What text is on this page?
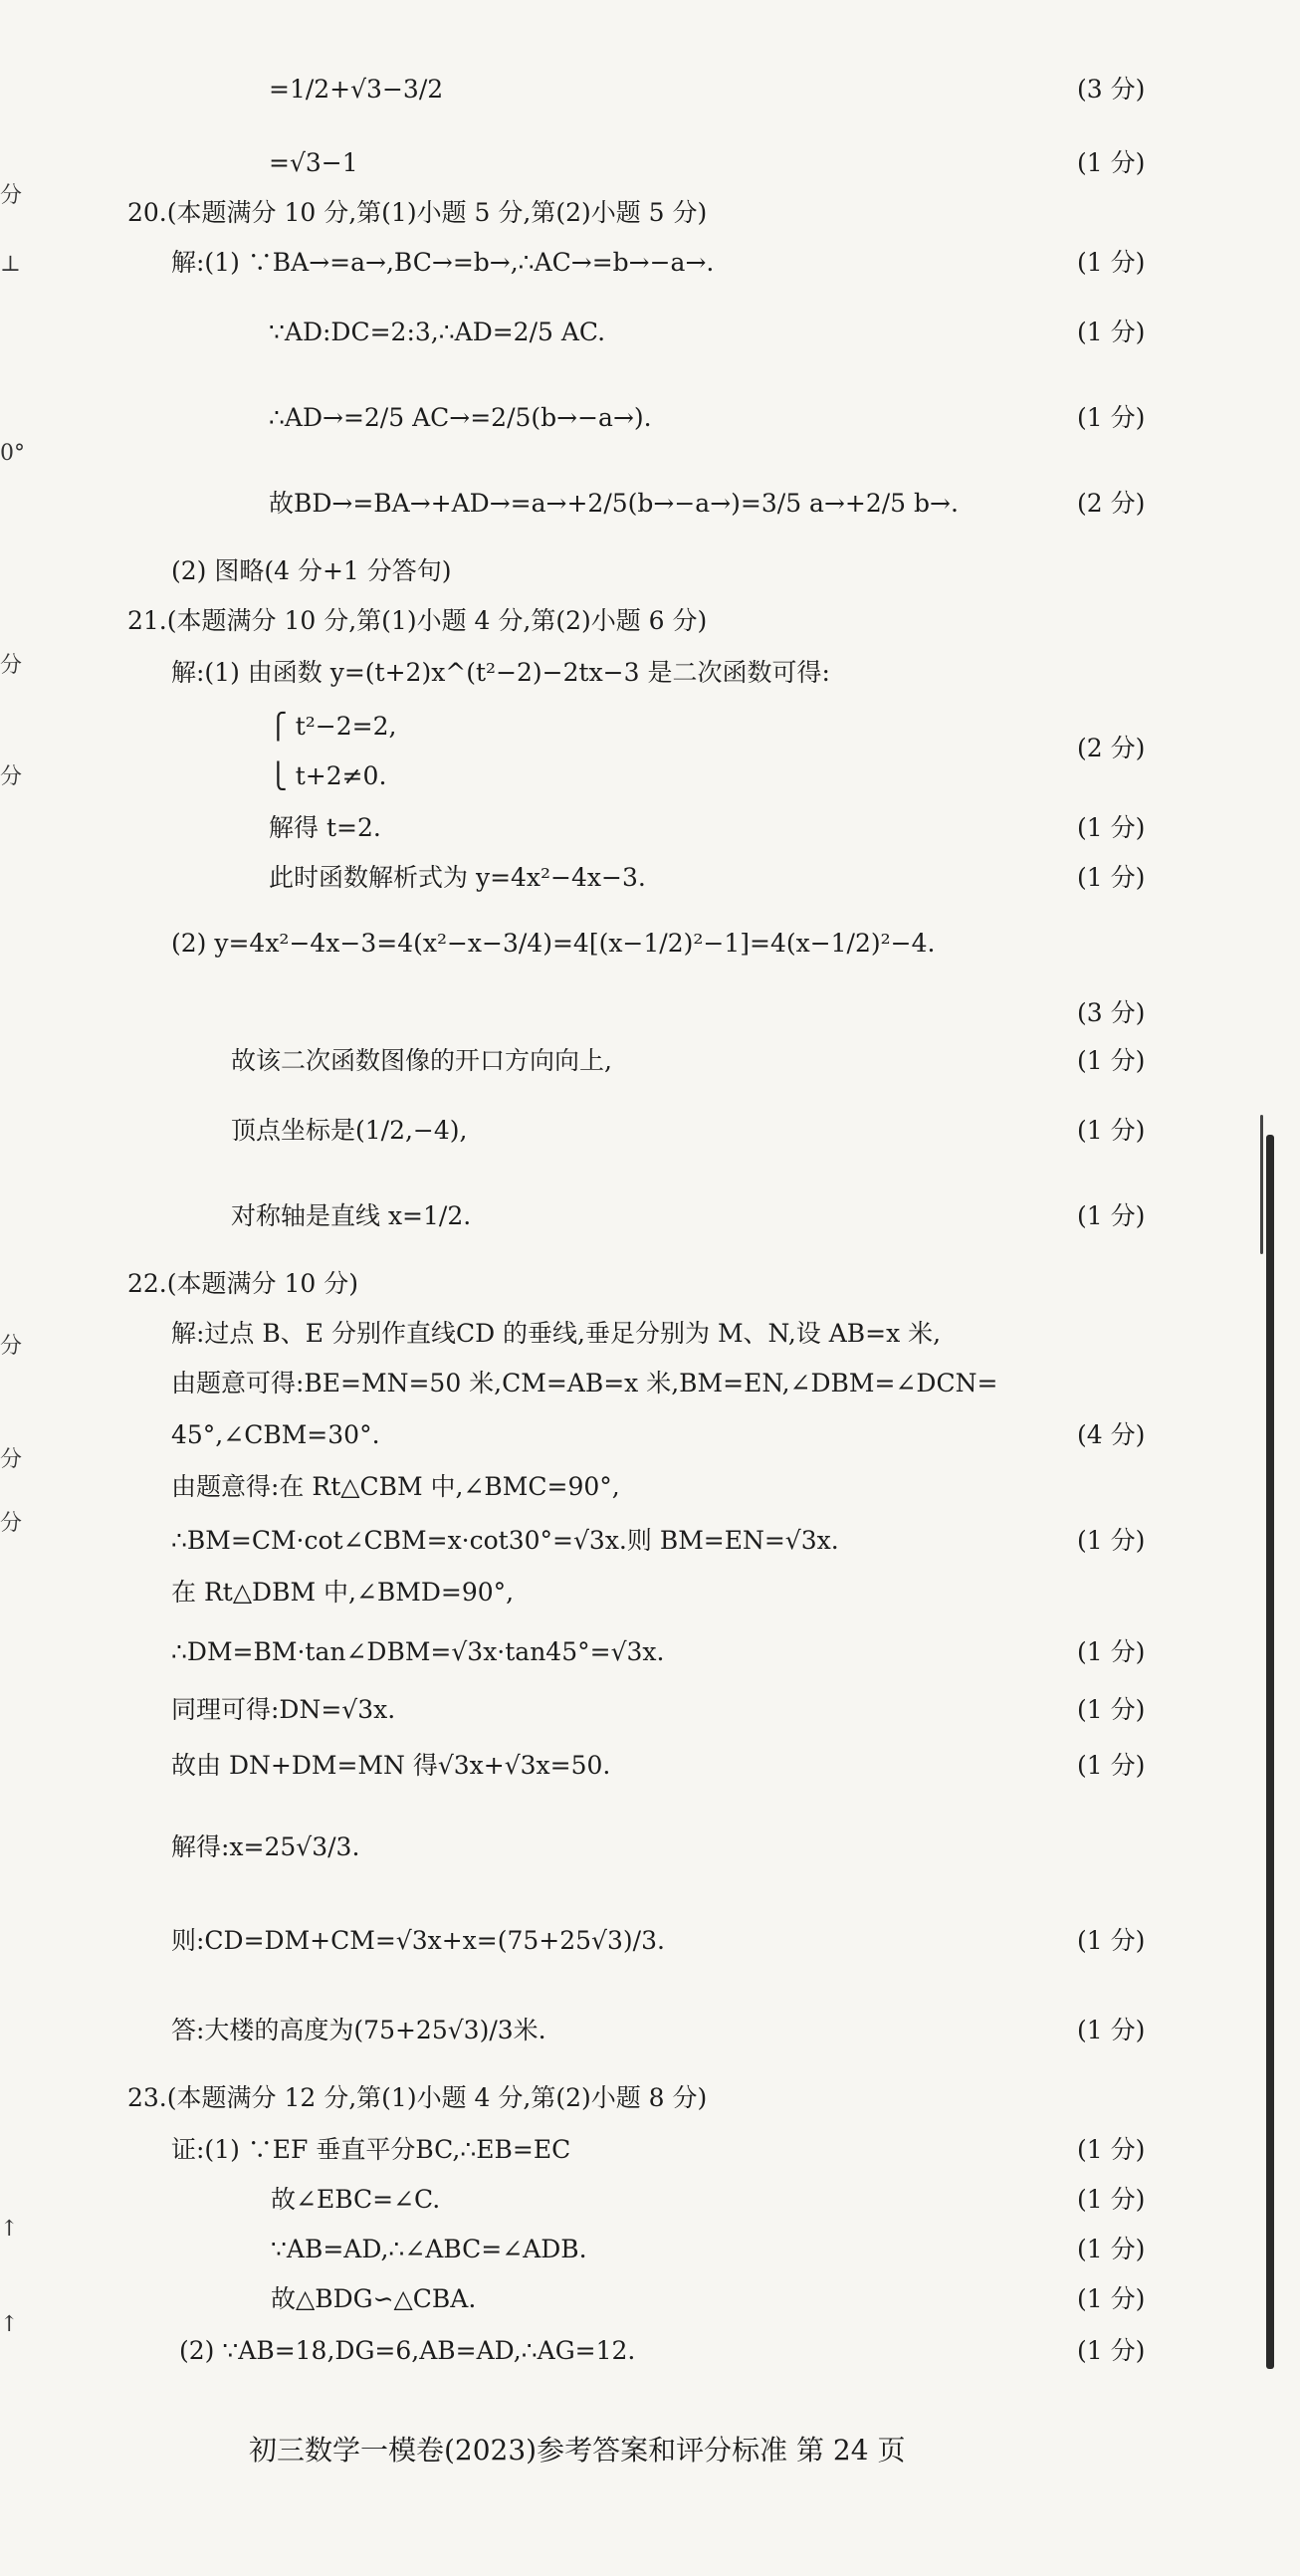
分
⊥
0°
分
分
分
分
分
↑
↑
=1/2+√3−3/2
=√3−1
20.(本题满分 10 分,第(1)小题 5 分,第(2)小题 5 分)
解:(1) ∵BA→=a→,BC→=b→,∴AC→=b→−a→.
∵AD:DC=2:3,∴AD=2/5 AC.
∴AD→=2/5 AC→=2/5(b→−a→).
故BD→=BA→+AD→=a→+2/5(b→−a→)=3/5 a→+2/5 b→.
(2) 图略(4 分+1 分答句)
21.(本题满分 10 分,第(1)小题 4 分,第(2)小题 6 分)
解:(1) 由函数 y=(t+2)x^(t²−2)−2tx−3 是二次函数可得:
⎧ t²−2=2,
⎩ t+2≠0.
解得 t=2.
此时函数解析式为 y=4x²−4x−3.
(2) y=4x²−4x−3=4(x²−x−3/4)=4[(x−1/2)²−1]=4(x−1/2)²−4.
故该二次函数图像的开口方向向上,
顶点坐标是(1/2,−4),
对称轴是直线 x=1/2.
22.(本题满分 10 分)
解:过点 B、E 分别作直线CD 的垂线,垂足分别为 M、N,设 AB=x 米,
由题意可得:BE=MN=50 米,CM=AB=x 米,BM=EN,∠DBM=∠DCN=
45°,∠CBM=30°.
由题意得:在 Rt△CBM 中,∠BMC=90°,
∴BM=CM·cot∠CBM=x·cot30°=√3x.则 BM=EN=√3x.
在 Rt△DBM 中,∠BMD=90°,
∴DM=BM·tan∠DBM=√3x·tan45°=√3x.
同理可得:DN=√3x.
故由 DN+DM=MN 得√3x+√3x=50.
解得:x=25√3/3.
则:CD=DM+CM=√3x+x=(75+25√3)/3.
答:大楼的高度为(75+25√3)/3米.
23.(本题满分 12 分,第(1)小题 4 分,第(2)小题 8 分)
证:(1) ∵EF 垂直平分BC,∴EB=EC
故∠EBC=∠C.
∵AB=AD,∴∠ABC=∠ADB.
故△BDG∽△CBA.
(2) ∵AB=18,DG=6,AB=AD,∴AG=12.
(3 分)
(1 分)
(1 分)
(1 分)
(1 分)
(2 分)
(2 分)
(1 分)
(1 分)
(3 分)
(1 分)
(1 分)
(1 分)
(4 分)
(1 分)
(1 分)
(1 分)
(1 分)
(1 分)
(1 分)
(1 分)
(1 分)
(1 分)
(1 分)
(1 分)
初三数学一模卷(2023)参考答案和评分标准 第 24 页
